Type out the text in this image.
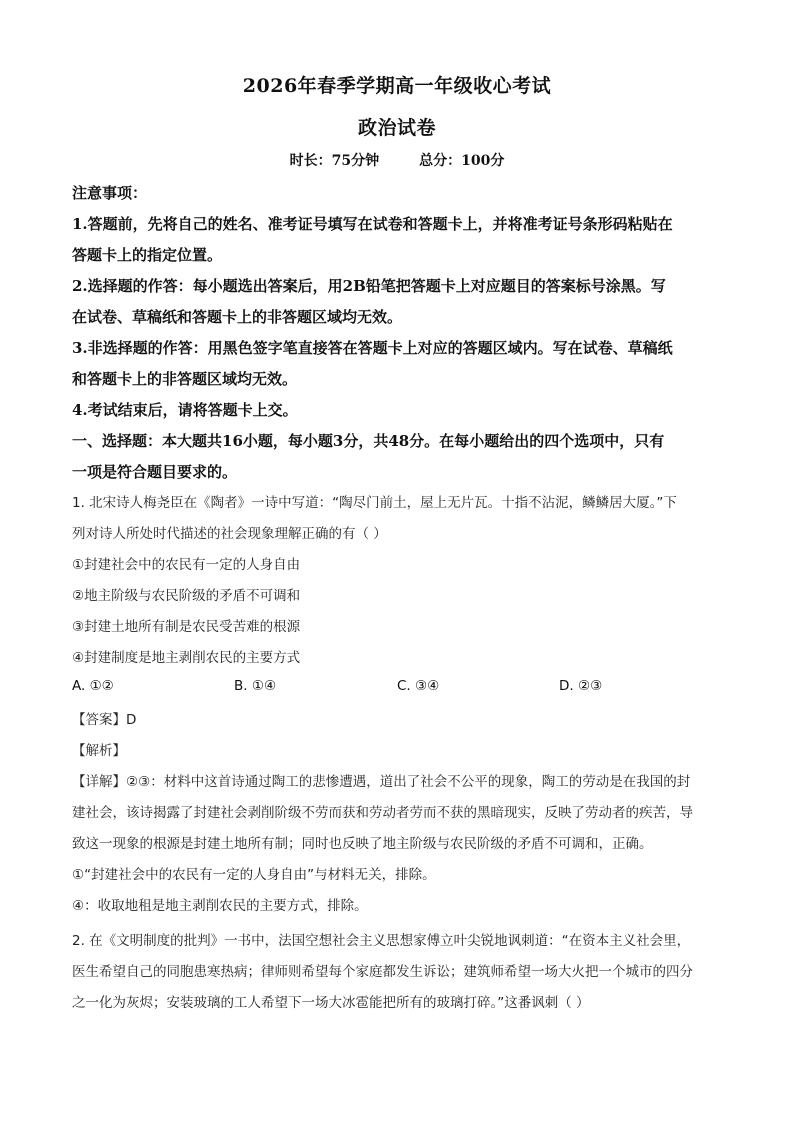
2026年春季学期高一年级收心考试
政治试卷
时长：75分钟	总分：100分
注意事项：
1.答题前，先将自己的姓名、准考证号填写在试卷和答题卡上，并将准考证号条形码粘贴在
答题卡上的指定位置。
2.选择题的作答：每小题选出答案后，用2B铅笔把答题卡上对应题目的答案标号涂黑。写
在试卷、草稿纸和答题卡上的非答题区域均无效。
3.非选择题的作答：用黑色签字笔直接答在答题卡上对应的答题区域内。写在试卷、草稿纸
和答题卡上的非答题区域均无效。
4.考试结束后，请将答题卡上交。
一、选择题：本大题共16小题，每小题3分，共48分。在每小题给出的四个选项中，只有
一项是符合题目要求的。
1. 北宋诗人梅尧臣在《陶者》一诗中写道：“陶尽门前土，屋上无片瓦。十指不沾泥，鳞鳞居大厦。”下
列对诗人所处时代描述的社会现象理解正确的有（ ）
①封建社会中的农民有一定的人身自由
②地主阶级与农民阶级的矛盾不可调和
③封建土地所有制是农民受苦难的根源
④封建制度是地主剥削农民的主要方式
A. ①②	B. ①④	C. ③④	D. ②③
【答案】D
【解析】
【详解】②③：材料中这首诗通过陶工的悲惨遭遇，道出了社会不公平的现象，陶工的劳动是在我国的封
建社会，该诗揭露了封建社会剥削阶级不劳而获和劳动者劳而不获的黑暗现实，反映了劳动者的疾苦，导
致这一现象的根源是封建土地所有制；同时也反映了地主阶级与农民阶级的矛盾不可调和，正确。
①“封建社会中的农民有一定的人身自由”与材料无关，排除。
④：收取地租是地主剥削农民的主要方式，排除。
2. 在《文明制度的批判》一书中，法国空想社会主义思想家傅立叶尖锐地讽刺道：“在资本主义社会里，
医生希望自己的同胞患寒热病；律师则希望每个家庭都发生诉讼；建筑师希望一场大火把一个城市的四分
之一化为灰烬；安装玻璃的工人希望下一场大冰雹能把所有的玻璃打碎。”这番讽刺（ ）
